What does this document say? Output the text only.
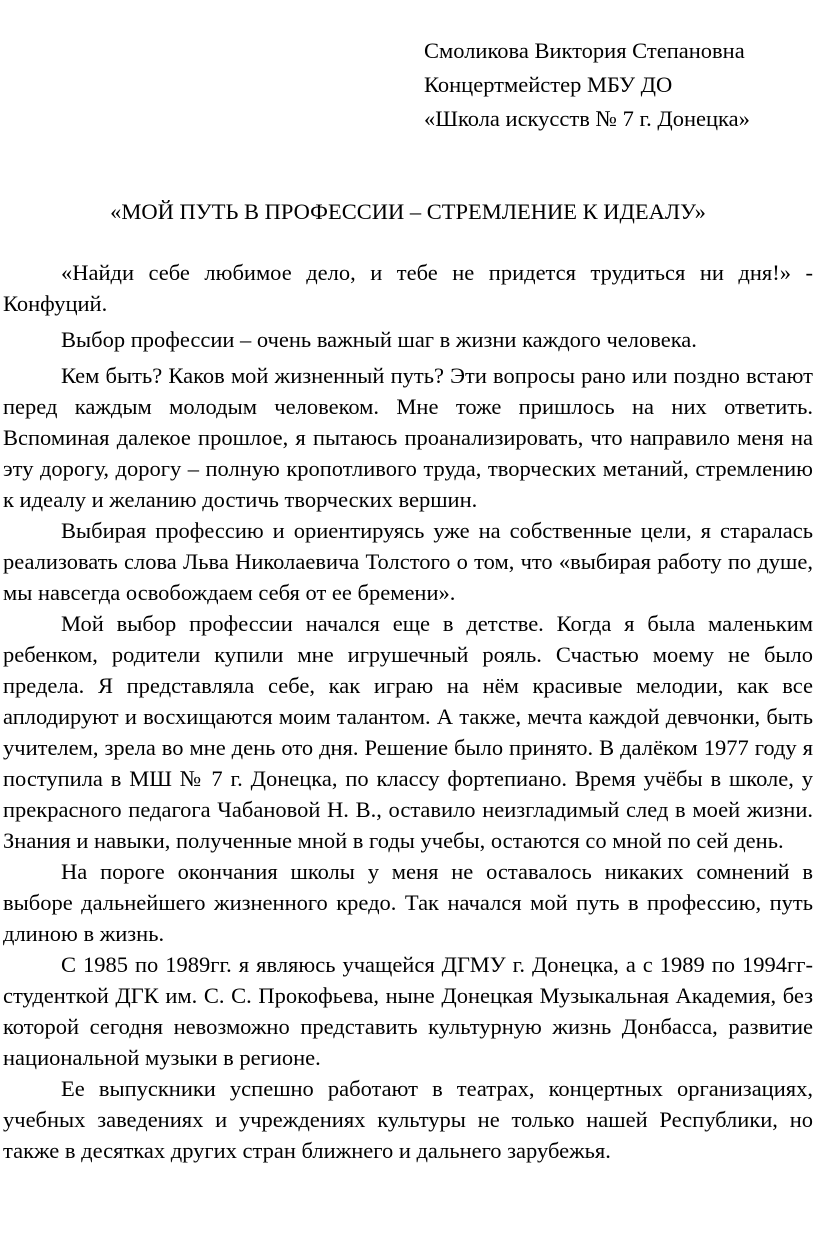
Смоликова Виктория Степановна
Концертмейстер МБУ ДО
«Школа искусств № 7 г. Донецка»
«МОЙ ПУТЬ В ПРОФЕССИИ – СТРЕМЛЕНИЕ К ИДЕАЛУ»

«Найди себе любимое дело, и тебе не придется трудиться ни дня!» - Конфуций.

Выбор профессии – очень важный шаг в жизни каждого человека.

Кем быть? Каков мой жизненный путь? Эти вопросы рано или поздно встают перед каждым молодым человеком. Мне тоже пришлось на них ответить. Вспоминая далекое прошлое, я пытаюсь проанализировать, что направило меня на эту дорогу, дорогу – полную кропотливого труда, творческих метаний, стремлению к идеалу и желанию достичь творческих вершин.

Выбирая профессию и ориентируясь уже на собственные цели, я старалась реализовать слова Льва Николаевича Толстого о том, что «выбирая работу по душе, мы навсегда освобождаем себя от ее бремени».

Мой выбор профессии начался еще в детстве. Когда я была маленьким ребенком, родители купили мне игрушечный рояль. Счастью моему не было предела. Я представляла себе, как играю на нём красивые мелодии, как все аплодируют и восхищаются моим талантом. А также, мечта каждой девчонки, быть учителем, зрела во мне день ото дня. Решение было принято. В далёком 1977 году я поступила в МШ № 7 г. Донецка, по классу фортепиано. Время учёбы в школе, у прекрасного педагога Чабановой Н. В., оставило неизгладимый след в моей жизни. Знания и навыки, полученные мной в годы учебы, остаются со мной по сей день.

На пороге окончания школы у меня не оставалось никаких сомнений в выборе дальнейшего жизненного кредо. Так начался мой путь в профессию, путь длиною в жизнь.

С 1985 по 1989гг. я являюсь учащейся ДГМУ г. Донецка, а с 1989 по 1994гг- студенткой ДГК им. С. С. Прокофьева, ныне Донецкая Музыкальная Академия, без которой сегодня невозможно представить культурную жизнь Донбасса, развитие национальной музыки в регионе.

Ее выпускники успешно работают в театрах, концертных организациях, учебных заведениях и учреждениях культуры не только нашей Республики, но также в десятках других стран ближнего и дальнего зарубежья.
